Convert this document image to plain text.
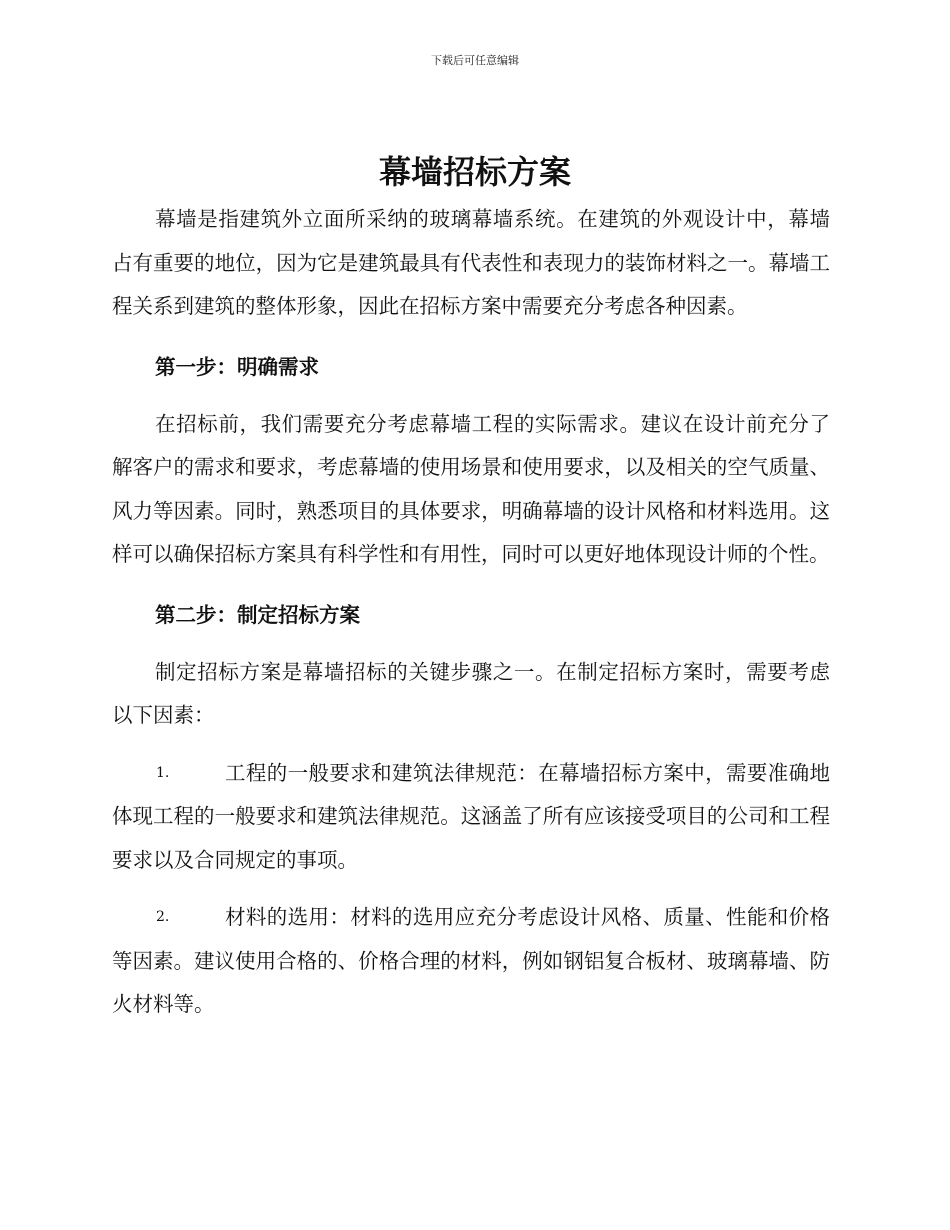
下载后可任意编辑
幕墙招标方案

幕墙是指建筑外立面所采纳的玻璃幕墙系统。在建筑的外观设计中，幕墙占有重要的地位，因为它是建筑最具有代表性和表现力的装饰材料之一。幕墙工程关系到建筑的整体形象，因此在招标方案中需要充分考虑各种因素。

第一步：明确需求

在招标前，我们需要充分考虑幕墙工程的实际需求。建议在设计前充分了解客户的需求和要求，考虑幕墙的使用场景和使用要求，以及相关的空气质量、风力等因素。同时，熟悉项目的具体要求，明确幕墙的设计风格和材料选用。这样可以确保招标方案具有科学性和有用性，同时可以更好地体现设计师的个性。

第二步：制定招标方案

制定招标方案是幕墙招标的关键步骤之一。在制定招标方案时，需要考虑以下因素：

1.	工程的一般要求和建筑法律规范：在幕墙招标方案中，需要准确地体现工程的一般要求和建筑法律规范。这涵盖了所有应该接受项目的公司和工程要求以及合同规定的事项。

2.	材料的选用：材料的选用应充分考虑设计风格、质量、性能和价格等因素。建议使用合格的、价格合理的材料，例如钢铝复合板材、玻璃幕墙、防火材料等。
